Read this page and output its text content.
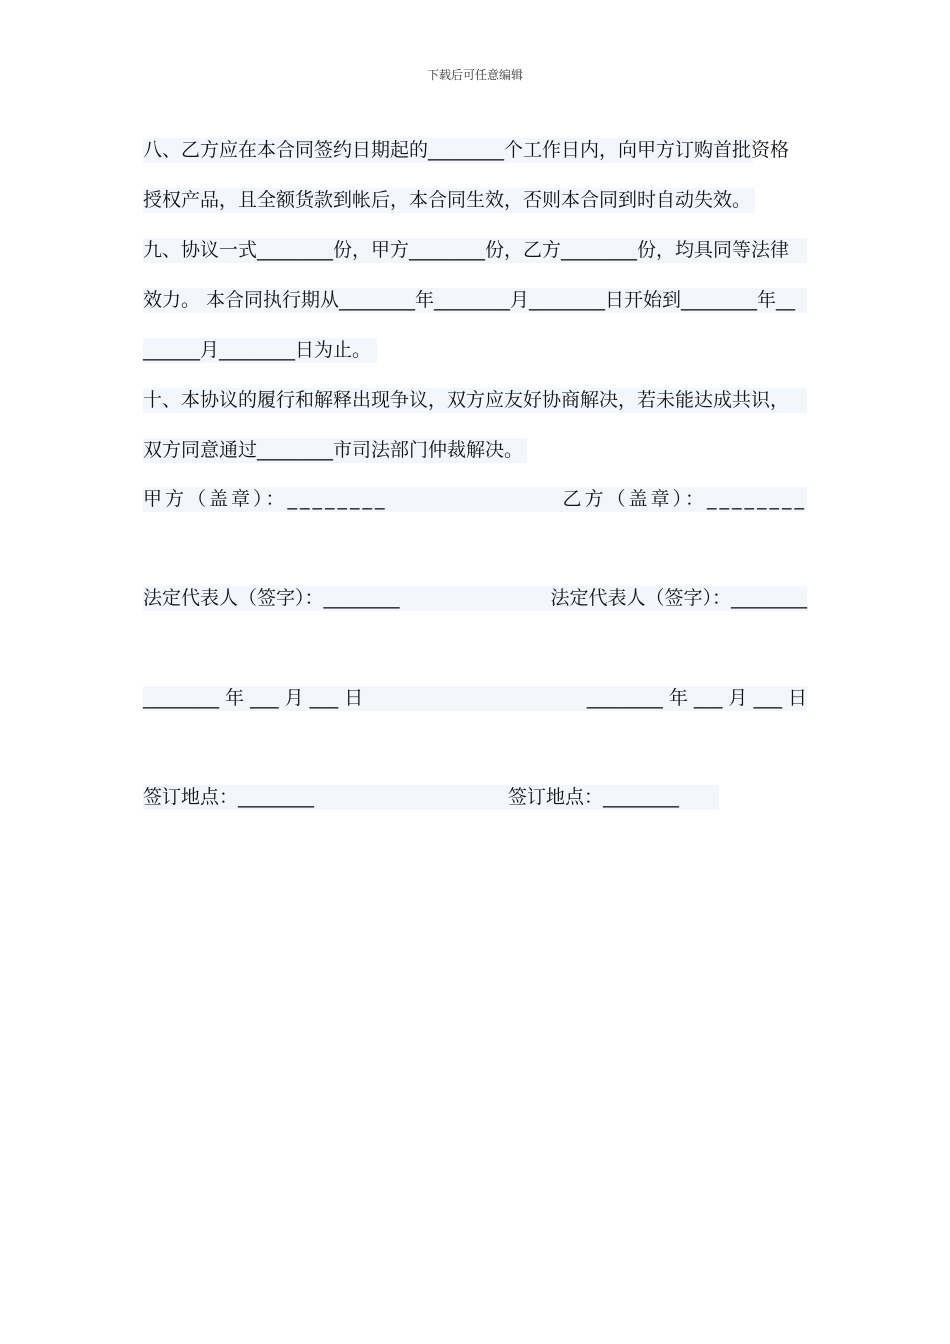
下载后可任意编辑
八、乙方应在本合同签约日期起的________个工作日内，向甲方订购首批资格
授权产品，且全额货款到帐后，本合同生效，否则本合同到时自动失效。
九、协议一式________份，甲方________份，乙方________份，均具同等法律
效力。 本合同执行期从________年________月________日开始到________年__
______月________日为止。
十、本协议的履行和解释出现争议，双方应友好协商解决，若未能达成共识，
双方同意通过________市司法部门仲裁解决。
甲方（盖章）：________	乙方（盖章）：________
法定代表人（签字）：________	法定代表人（签字）：________
________ 年 ___ 月 ___ 日	________ 年 ___ 月 ___ 日
签订地点：________	签订地点：________
